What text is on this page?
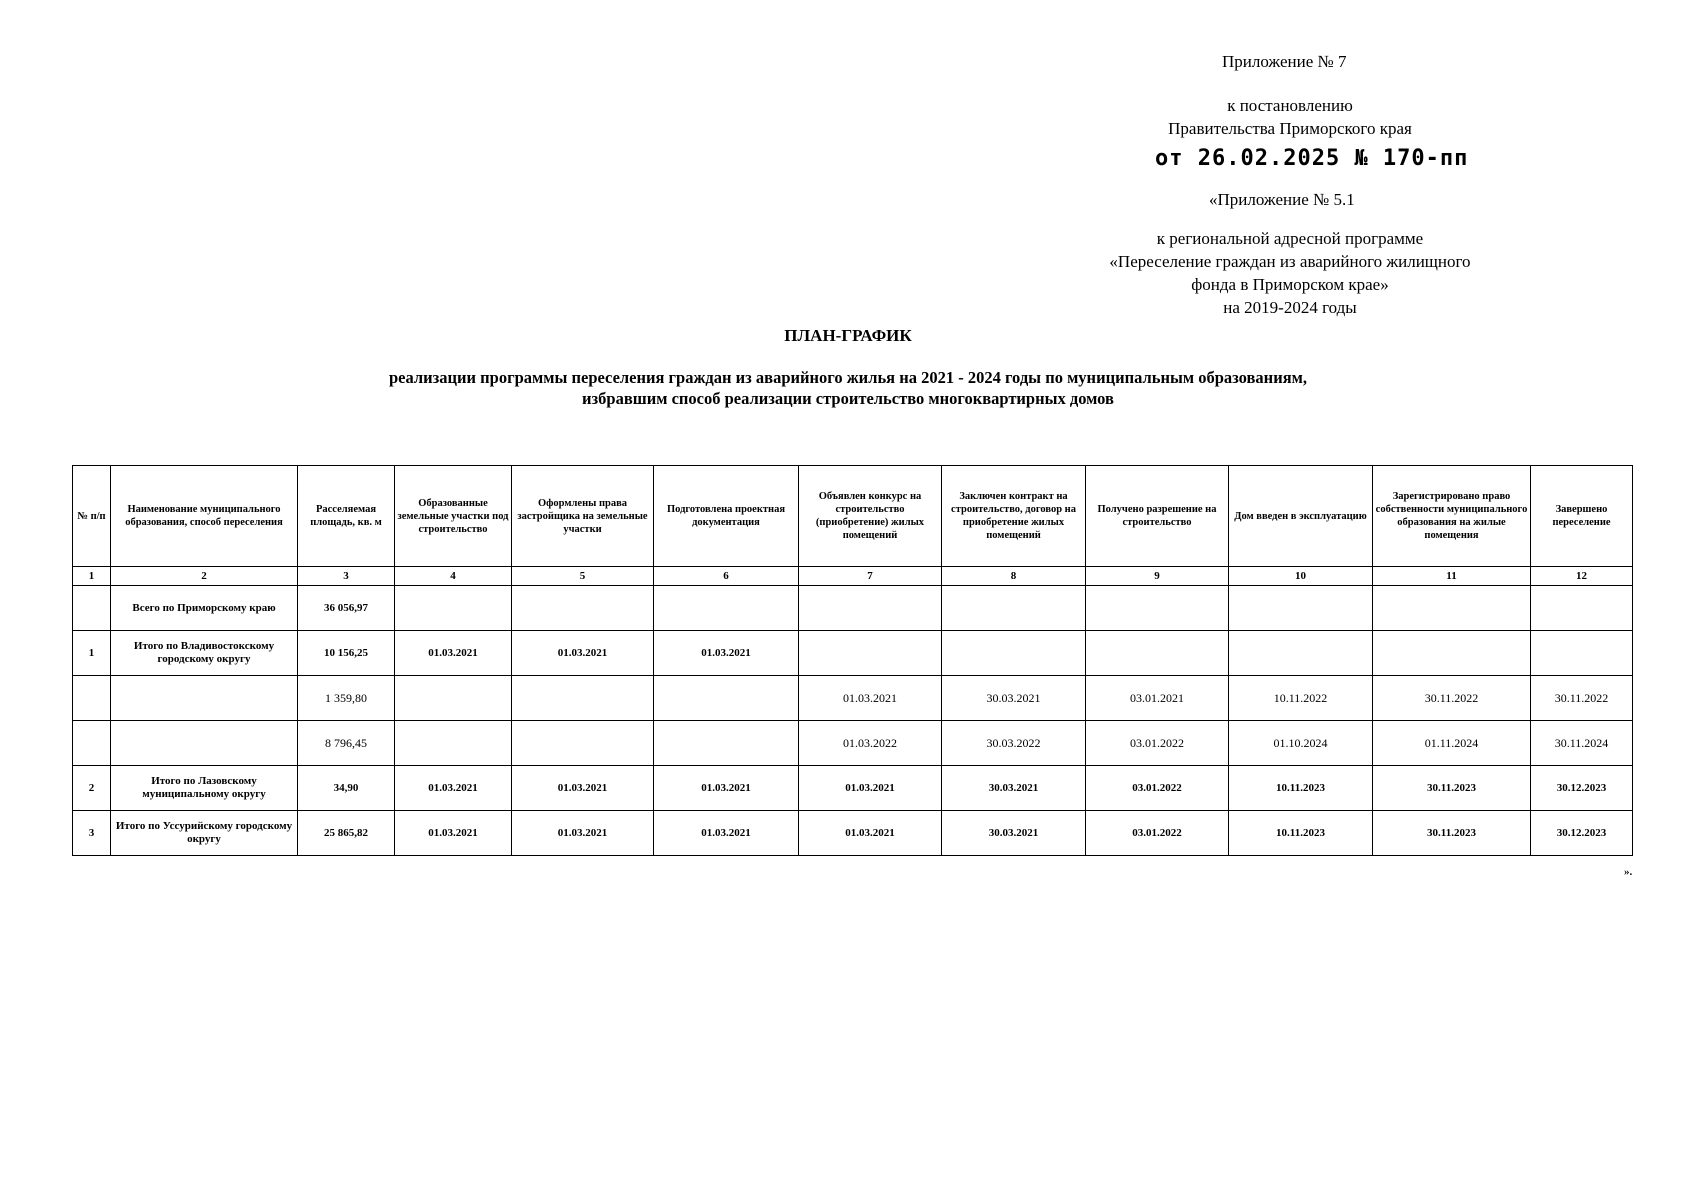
Приложение № 7
к постановлению
Правительства Приморского края
от 26.02.2025 № 170-пп
«Приложение № 5.1
к региональной адресной программе
«Переселение граждан из аварийного жилищного
фонда в Приморском крае»
на 2019-2024 годы
ПЛАН-ГРАФИК
реализации программы переселения граждан из аварийного жилья на 2021 - 2024 годы по муниципальным образованиям,
избравшим способ реализации строительство многоквартирных домов
№ п/п	Наименование муниципального образования, способ переселения	Расселяемая площадь, кв. м	Образованные земельные участки под строительство	Оформлены права застройщика на земельные участки	Подготовлена проектная документация	Объявлен конкурс на строительство (приобретение) жилых помещений	Заключен контракт на строительство, договор на приобретение жилых помещений	Получено разрешение на строительство	Дом введен в эксплуатацию	Зарегистрировано право собственности муниципального образования на жилые помещения	Завершено переселение
1	2	3	4	5	6	7	8	9	10	11	12
	Всего по Приморскому краю	36 056,97									
1	Итого по Владивостокскому городскому округу	10 156,25	01.03.2021	01.03.2021	01.03.2021						
		1 359,80				01.03.2021	30.03.2021	03.01.2021	10.11.2022	30.11.2022	30.11.2022
		8 796,45				01.03.2022	30.03.2022	03.01.2022	01.10.2024	01.11.2024	30.11.2024
2	Итого по Лазовскому муниципальному округу	34,90	01.03.2021	01.03.2021	01.03.2021	01.03.2021	30.03.2021	03.01.2022	10.11.2023	30.11.2023	30.12.2023
3	Итого по Уссурийскому городскому округу	25 865,82	01.03.2021	01.03.2021	01.03.2021	01.03.2021	30.03.2021	03.01.2022	10.11.2023	30.11.2023	30.12.2023
».
